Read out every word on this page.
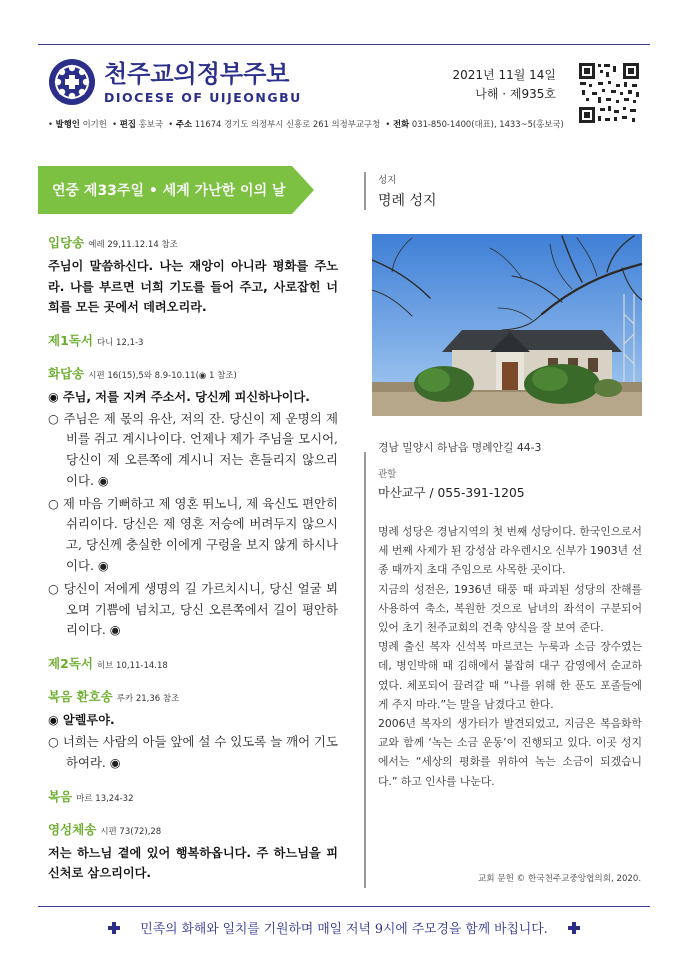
천주교의정부주보
DIOCESE OF UIJEONGBU
2021년 11월 14일
나해 · 제935호
• 발행인 이기헌  • 편집 홍보국  • 주소 11674 경기도 의정부시 신흥로 261 의정부교구청  • 전화 031-850-1400(대표), 1433~5(홍보국)
연중 제33주일 • 세계 가난한 이의 날
입당송 예레 29,11.12.14 참조
주님이 말씀하신다. 나는 재앙이 아니라 평화를 주노라. 나를 부르면 너희 기도를 들어 주고, 사로잡힌 너희를 모든 곳에서 데려오리라.
제1독서 다니 12,1-3
화답송 시편 16(15),5와 8.9-10.11(◉ 1 참조)
◉ 주님, 저를 지켜 주소서. 당신께 피신하나이다.
○ 주님은 제 몫의 유산, 저의 잔. 당신이 제 운명의 제비를 쥐고 계시나이다. 언제나 제가 주님을 모시어, 당신이 제 오른쪽에 계시니 저는 흔들리지 않으리이다. ◉
○ 제 마음 기뻐하고 제 영혼 뛰노니, 제 육신도 편안히 쉬리이다. 당신은 제 영혼 저승에 버려두지 않으시고, 당신께 충실한 이에게 구렁을 보지 않게 하시나이다. ◉
○ 당신이 저에게 생명의 길 가르치시니, 당신 얼굴 뵈오며 기쁨에 넘치고, 당신 오른쪽에서 길이 평안하리이다. ◉
제2독서 히브 10,11-14.18
복음 환호송 루카 21,36 참조
◉ 알렐루야.
○ 너희는 사람의 아들 앞에 설 수 있도록 늘 깨어 기도하여라. ◉
복음 마르 13,24-32
영성체송 시편 73(72),28
저는 하느님 곁에 있어 행복하옵니다. 주 하느님을 피신처로 삼으리이다.
성지
명례 성지
경남 밀양시 하남읍 명례안길 44-3
관할
마산교구 / 055-391-1205

명례 성당은 경남지역의 첫 번째 성당이다. 한국인으로서 세 번째 사제가 된 강성삼 라우렌시오 신부가 1903년 선종 때까지 초대 주임으로 사목한 곳이다.

지금의 성전은, 1936년 태풍 때 파괴된 성당의 잔해를 사용하여 축소, 복원한 것으로 남녀의 좌석이 구분되어 있어 초기 천주교회의 건축 양식을 잘 보여 준다.

명례 출신 복자 신석복 마르코는 누룩과 소금 장수였는데, 병인박해 때 김해에서 붙잡혀 대구 감영에서 순교하였다. 체포되어 끌려갈 때 “나를 위해 한 푼도 포졸들에게 주지 마라.”는 말을 남겼다고 한다.

2006년 복자의 생가터가 발견되었고, 지금은 복음화학교와 함께 ‘녹는 소금 운동’이 진행되고 있다. 이곳 성지에서는 “세상의 평화를 위하여 녹는 소금이 되겠습니다.” 하고 인사를 나눈다.

교회 문헌 © 한국천주교중앙협의회, 2020.
민족의 화해와 일치를 기원하며 매일 저녁 9시에 주모경을 함께 바칩니다.
